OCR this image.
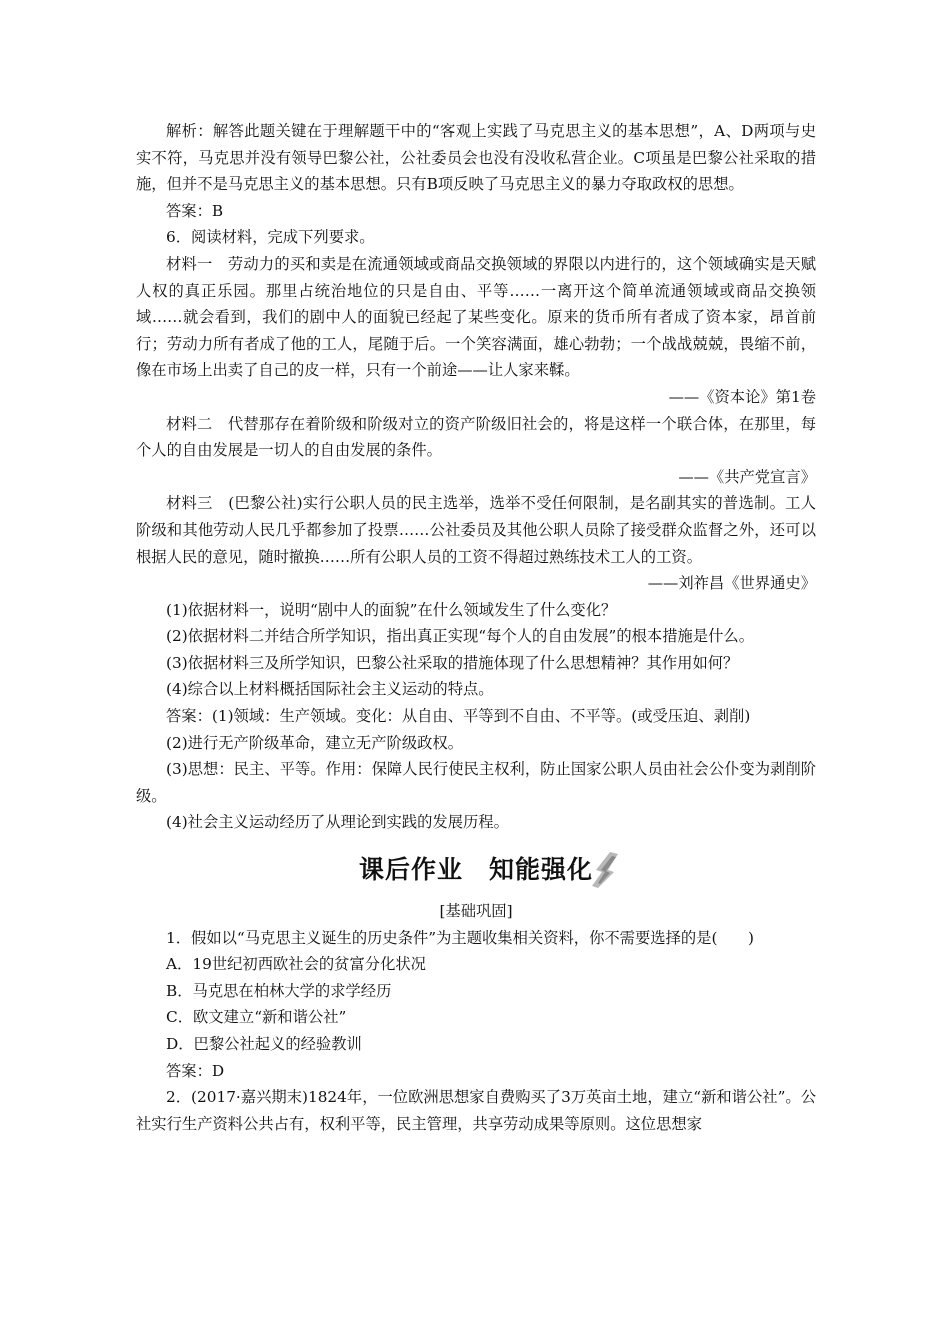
解析：解答此题关键在于理解题干中的“客观上实践了马克思主义的基本思想”，A、D两项与史实不符，马克思并没有领导巴黎公社，公社委员会也没有没收私营企业。C项虽是巴黎公社采取的措施，但并不是马克思主义的基本思想。只有B项反映了马克思主义的暴力夺取政权的思想。

答案：B

6．阅读材料，完成下列要求。

材料一　劳动力的买和卖是在流通领域或商品交换领域的界限以内进行的，这个领域确实是天赋人权的真正乐园。那里占统治地位的只是自由、平等……一离开这个简单流通领域或商品交换领域……就会看到，我们的剧中人的面貌已经起了某些变化。原来的货币所有者成了资本家，昂首前行；劳动力所有者成了他的工人，尾随于后。一个笑容满面，雄心勃勃；一个战战兢兢，畏缩不前，像在市场上出卖了自己的皮一样，只有一个前途——让人家来鞣。

——《资本论》第1卷

材料二　代替那存在着阶级和阶级对立的资产阶级旧社会的，将是这样一个联合体，在那里，每个人的自由发展是一切人的自由发展的条件。

——《共产党宣言》

材料三　(巴黎公社)实行公职人员的民主选举，选举不受任何限制，是名副其实的普选制。工人阶级和其他劳动人民几乎都参加了投票……公社委员及其他公职人员除了接受群众监督之外，还可以根据人民的意见，随时撤换……所有公职人员的工资不得超过熟练技术工人的工资。

——刘祚昌《世界通史》

(1)依据材料一，说明“剧中人的面貌”在什么领域发生了什么变化？

(2)依据材料二并结合所学知识，指出真正实现“每个人的自由发展”的根本措施是什么。

(3)依据材料三及所学知识，巴黎公社采取的措施体现了什么思想精神？其作用如何？

(4)综合以上材料概括国际社会主义运动的特点。

答案：(1)领域：生产领域。变化：从自由、平等到不自由、不平等。(或受压迫、剥削)

(2)进行无产阶级革命，建立无产阶级政权。

(3)思想：民主、平等。作用：保障人民行使民主权利，防止国家公职人员由社会公仆变为剥削阶级。

(4)社会主义运动经历了从理论到实践的发展历程。

课后作业　知能强化

[基础巩固]

1．假如以“马克思主义诞生的历史条件”为主题收集相关资料，你不需要选择的是(　　)

A．19世纪初西欧社会的贫富分化状况

B．马克思在柏林大学的求学经历

C．欧文建立“新和谐公社”

D．巴黎公社起义的经验教训

答案：D

2．(2017·嘉兴期末)1824年，一位欧洲思想家自费购买了3万英亩土地，建立“新和谐公社”。公社实行生产资料公共占有，权利平等，民主管理，共享劳动成果等原则。这位思想家
